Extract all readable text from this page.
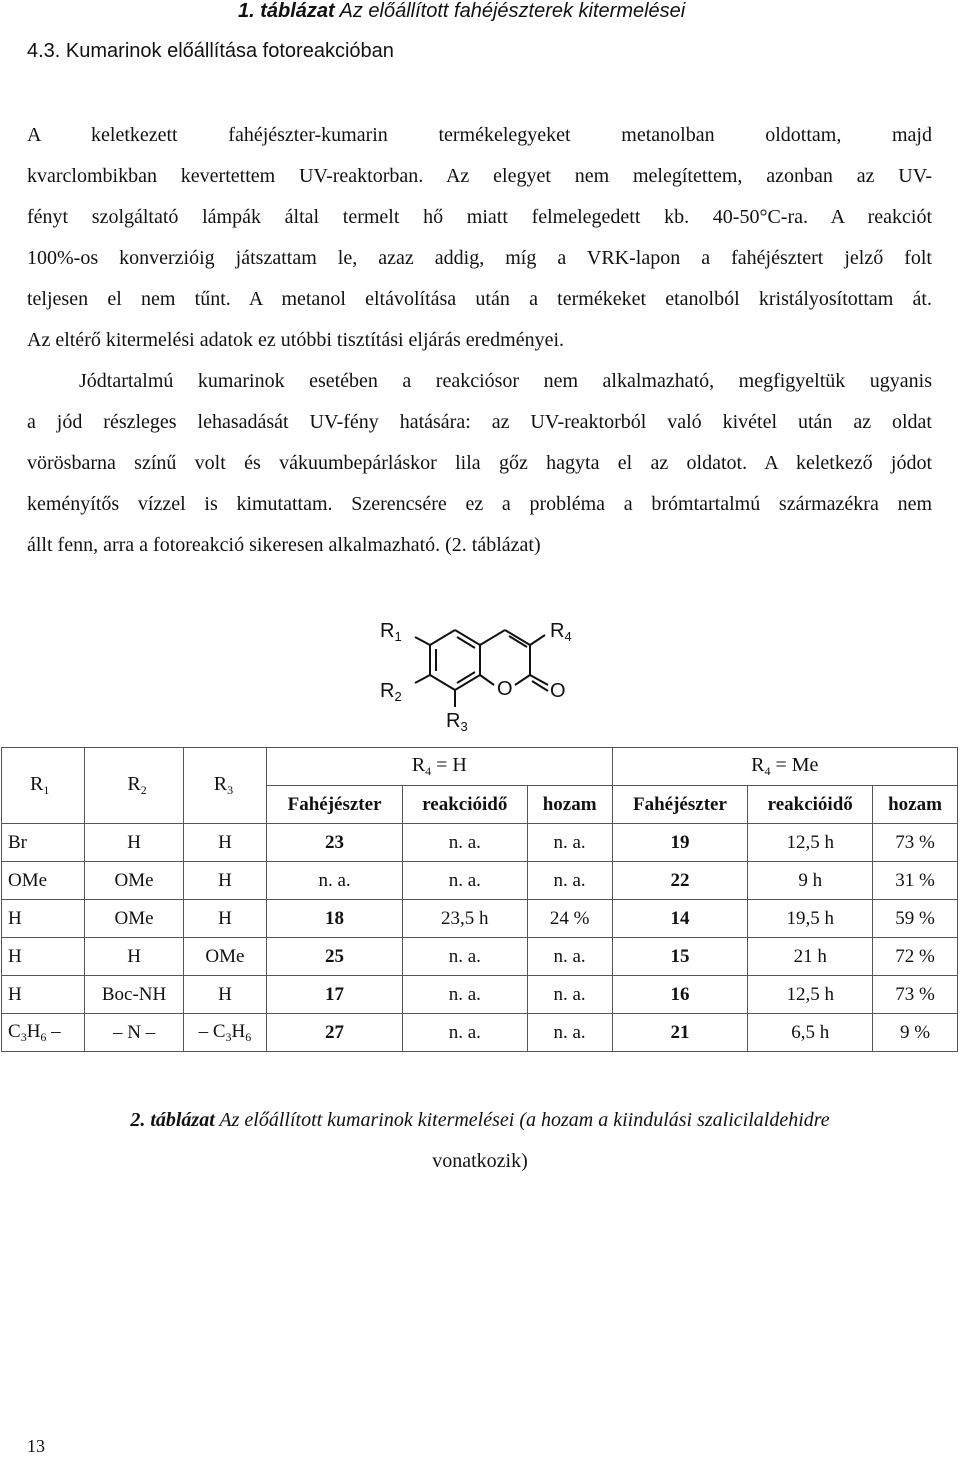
1. táblázat Az előállított fahéjészterek kitermelései
4.3. Kumarinok előállítása fotoreakcióban
A keletkezett fahéjészter-kumarin termékelegyeket metanolban oldottam, majd
kvarclombikban kevertettem UV-reaktorban. Az elegyet nem melegítettem, azonban az UV-
fényt szolgáltató lámpák által termelt hő miatt felmelegedett kb. 40-50°C-ra. A reakciót
100%-os konverzióig játszattam le, azaz addig, míg a VRK-lapon a fahéjésztert jelző folt
teljesen el nem tűnt. A metanol eltávolítása után a termékeket etanolból kristályosítottam át.
Az eltérő kitermelési adatok ez utóbbi tisztítási eljárás eredményei.
Jódtartalmú kumarinok esetében a reakciósor nem alkalmazható, megfigyeltük ugyanis
a jód részleges lehasadását UV-fény hatására: az UV-reaktorból való kivétel után az oldat
vörösbarna színű volt és vákuumbepárláskor lila gőz hagyta el az oldatot. A keletkező jódot
keményítős vízzel is kimutattam. Szerencsére ez a probléma a brómtartalmú származékra nem
állt fenn, arra a fotoreakció sikeresen alkalmazható. (2. táblázat)
$R_1$
$R_2$
$R_3$
$R_4$
O O
$R_1$	$R_2$	$R_3$	$R_4 = H$			$R_4 = Me$		
			Fahéjészter	reakcióidő	hozam	Fahéjészter	reakcióidő	hozam
Br	H	H	23	n. a.	n. a.	19	12,5 h	73 %
OMe	OMe	H	n. a.	n. a.	n. a.	22	9 h	31 %
H	OMe	H	18	23,5 h	24 %	14	19,5 h	59 %
H	H	OMe	25	n. a.	n. a.	15	21 h	72 %
H	Boc-NH	H	17	n. a.	n. a.	16	12,5 h	73 %
$C_3H_6$ –	– N –	– $C_3H_6$	27	n. a.	n. a.	21	6,5 h	9 %
2. táblázat Az előállított kumarinok kitermelései (a hozam a kiindulási szalicilaldehidre
vonatkozik)
13
